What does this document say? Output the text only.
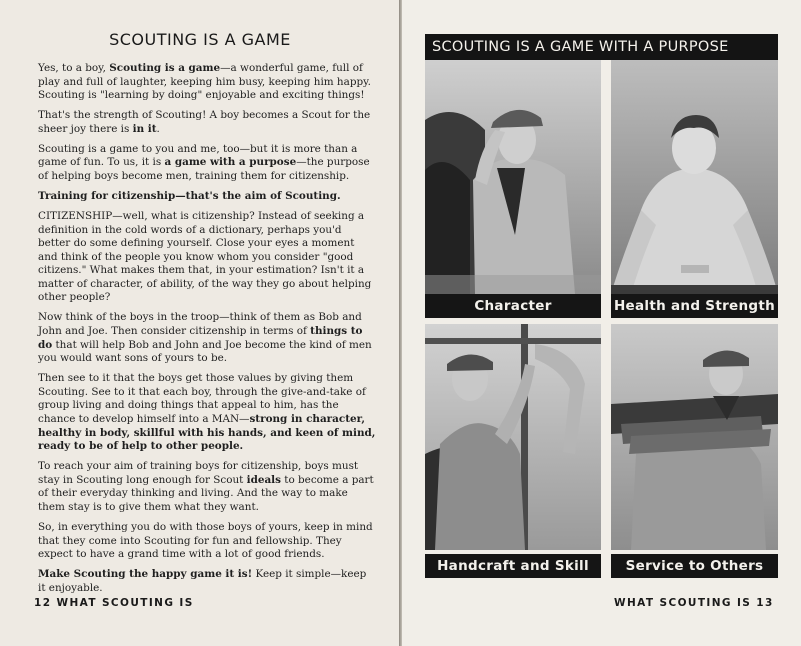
SCOUTING IS A GAME

Yes, to a boy, Scouting is a game—a wonderful game, full of play and full of laughter, keeping him busy, keeping him happy. Scouting is "learning by doing" enjoyable and exciting things!

That's the strength of Scouting! A boy becomes a Scout for the sheer joy there is in it.

Scouting is a game to you and me, too—but it is more than a game of fun. To us, it is a game with a purpose—the purpose of helping boys become men, training them for citizenship.

Training for citizenship—that's the aim of Scouting.

CITIZENSHIP—well, what is citizenship? Instead of seeking a definition in the cold words of a dictionary, perhaps you'd better do some defining yourself. Close your eyes a moment and think of the people you know whom you consider "good citizens." What makes them that, in your estimation? Isn't it a matter of character, of ability, of the way they go about helping other people?

Now think of the boys in the troop—think of them as Bob and John and Joe. Then consider citizenship in terms of things to do that will help Bob and John and Joe become the kind of men you would want sons of yours to be.

Then see to it that the boys get those values by giving them Scouting. See to it that each boy, through the give-and-take of group living and doing things that appeal to him, has the chance to develop himself into a MAN—strong in character, healthy in body, skillful with his hands, and keen of mind, ready to be of help to other people.

To reach your aim of training boys for citizenship, boys must stay in Scouting long enough for Scout ideals to become a part of their everyday thinking and living. And the way to make them stay is to give them what they want.

So, in everything you do with those boys of yours, keep in mind that they come into Scouting for fun and fellowship. They expect to have a grand time with a lot of good friends.

Make Scouting the happy game it is! Keep it simple—keep it enjoyable.

12 WHAT SCOUTING IS
SCOUTING IS A GAME WITH A PURPOSE
Character	Health and Strength
Handcraft and Skill	Service to Others
WHAT SCOUTING IS 13
